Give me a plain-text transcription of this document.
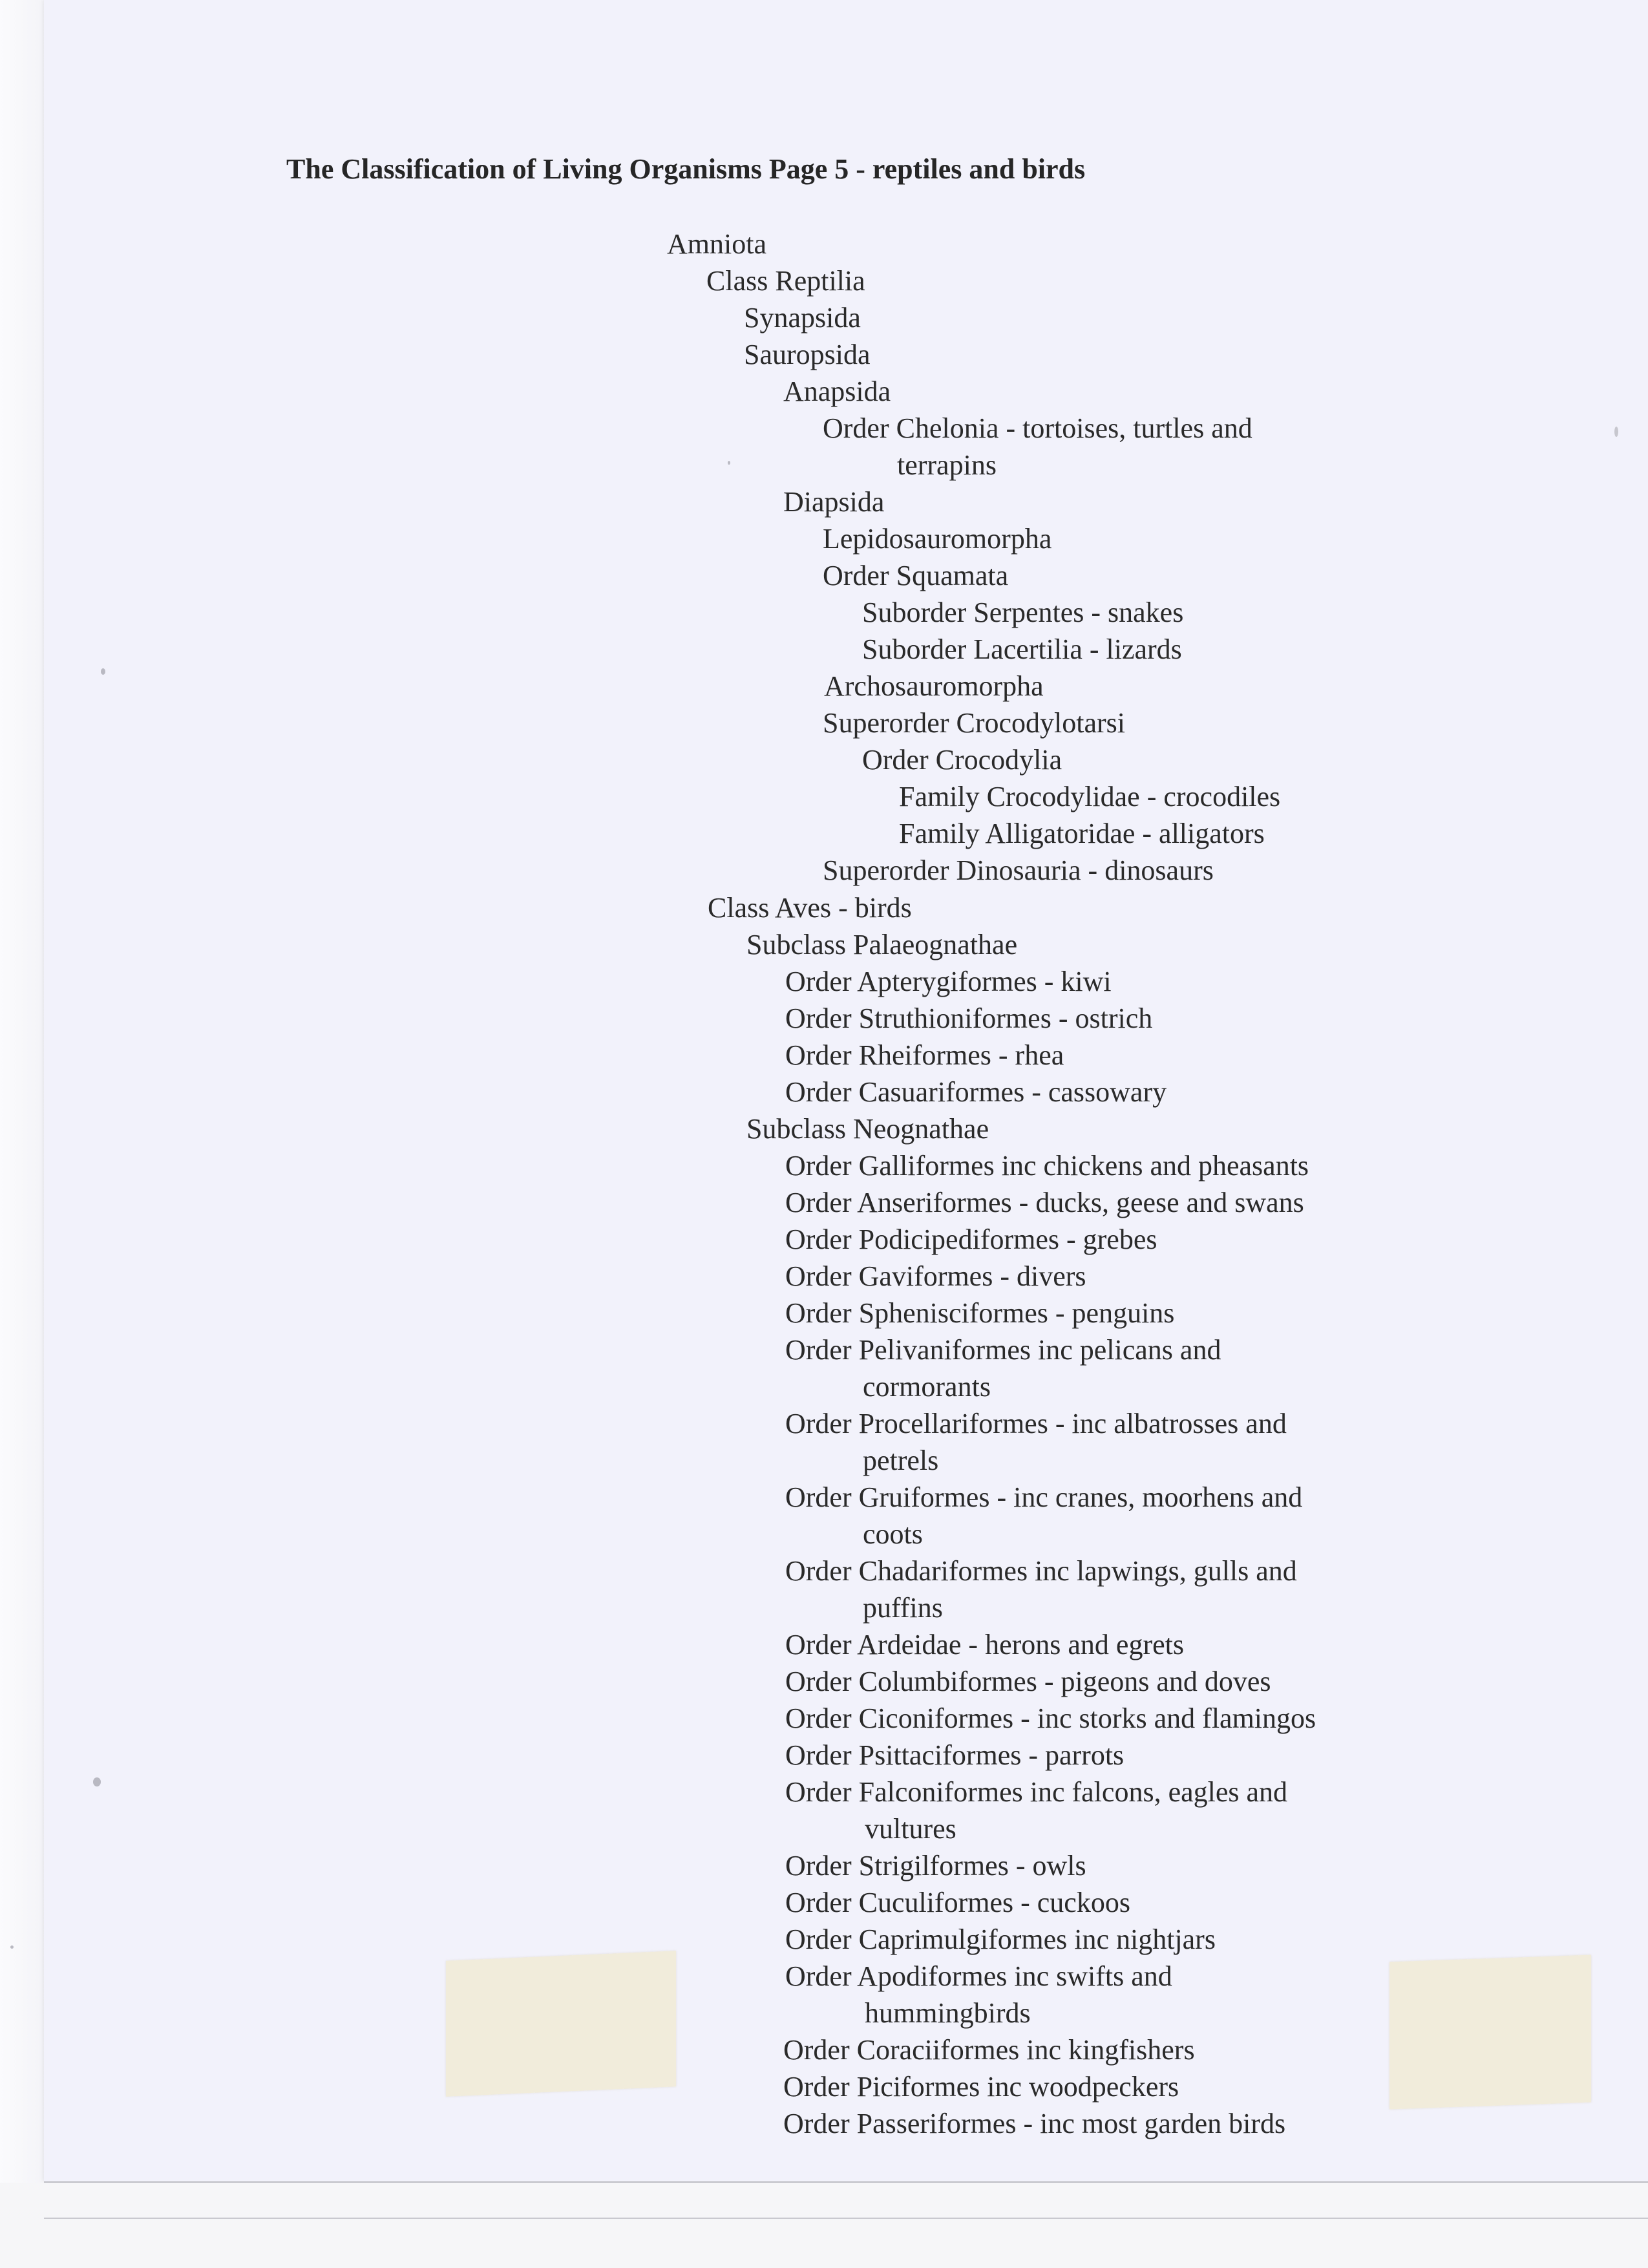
The Classification of Living Organisms Page 5 - reptiles and birds
Amniota
Class Reptilia
Synapsida
Sauropsida
Anapsida
Order Chelonia - tortoises, turtles and
terrapins
Diapsida
Lepidosauromorpha
Order Squamata
Suborder Serpentes - snakes
Suborder Lacertilia - lizards
Archosauromorpha
Superorder Crocodylotarsi
Order Crocodylia
Family Crocodylidae - crocodiles
Family Alligatoridae - alligators
Superorder Dinosauria - dinosaurs
Class Aves - birds
Subclass Palaeognathae
Order Apterygiformes - kiwi
Order Struthioniformes - ostrich
Order Rheiformes - rhea
Order Casuariformes - cassowary
Subclass Neognathae
Order Galliformes inc chickens and pheasants
Order Anseriformes - ducks, geese and swans
Order Podicipediformes - grebes
Order Gaviformes - divers
Order Sphenisciformes - penguins
Order Pelivaniformes inc pelicans and
cormorants
Order Procellariformes - inc albatrosses and
petrels
Order Gruiformes - inc cranes, moorhens and
coots
Order Chadariformes inc lapwings, gulls and
puffins
Order Ardeidae - herons and egrets
Order Columbiformes - pigeons and doves
Order Ciconiformes - inc storks and flamingos
Order Psittaciformes - parrots
Order Falconiformes inc falcons, eagles and
vultures
Order Strigilformes - owls
Order Cuculiformes - cuckoos
Order Caprimulgiformes inc nightjars
Order Apodiformes inc swifts and
hummingbirds
Order Coraciiformes inc kingfishers
Order Piciformes inc woodpeckers
Order Passeriformes - inc most garden birds
